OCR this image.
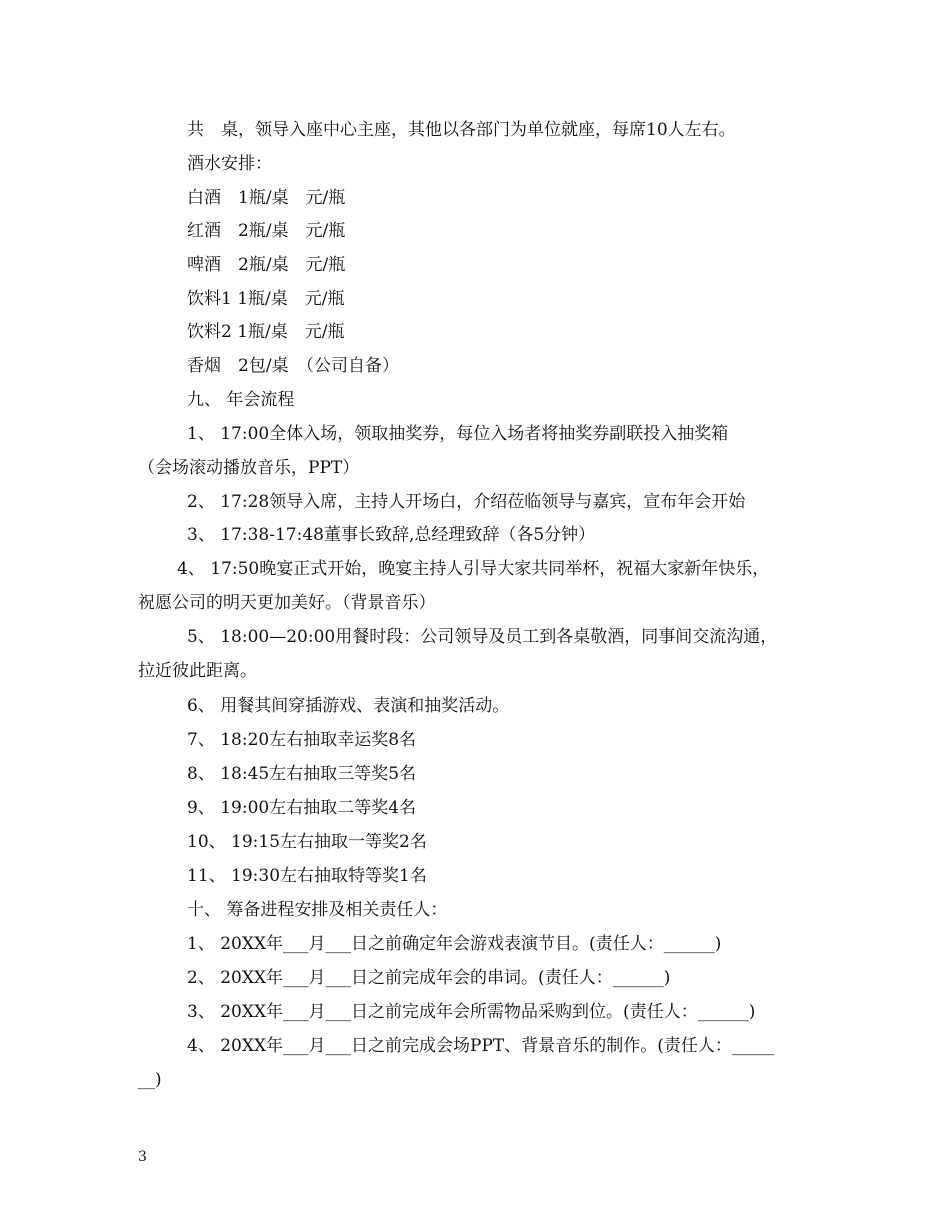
共　桌，领导入座中心主座，其他以各部门为单位就座，每席10人左右。
酒水安排：
白酒　1瓶/桌　元/瓶
红酒　2瓶/桌　元/瓶
啤酒　2瓶/桌　元/瓶
饮料1 1瓶/桌　元/瓶
饮料2 1瓶/桌　元/瓶
香烟　2包/桌　（公司自备）
九、 年会流程
1、 17:00全体入场，领取抽奖券，每位入场者将抽奖券副联投入抽奖箱
（会场滚动播放音乐，PPT）
2、 17:28领导入席，主持人开场白，介绍莅临领导与嘉宾，宣布年会开始
3、 17:38-17:48董事长致辞,总经理致辞（各5分钟）
4、 17:50晚宴正式开始，晚宴主持人引导大家共同举杯，祝福大家新年快乐，
祝愿公司的明天更加美好。（背景音乐）
5、 18:00—20:00用餐时段：公司领导及员工到各桌敬酒，同事间交流沟通，
拉近彼此距离。
6、 用餐其间穿插游戏、表演和抽奖活动。
7、 18:20左右抽取幸运奖8名
8、 18:45左右抽取三等奖5名
9、 19:00左右抽取二等奖4名
10、 19:15左右抽取一等奖2名
11、 19:30左右抽取特等奖1名
十、 筹备进程安排及相关责任人：
1、 20XX年___月___日之前确定年会游戏表演节目。(责任人：______)
2、 20XX年___月___日之前完成年会的串词。(责任人：______)
3、 20XX年___月___日之前完成年会所需物品采购到位。(责任人：______)
4、 20XX年___月___日之前完成会场PPT、背景音乐的制作。(责任人：_____
__)
3
